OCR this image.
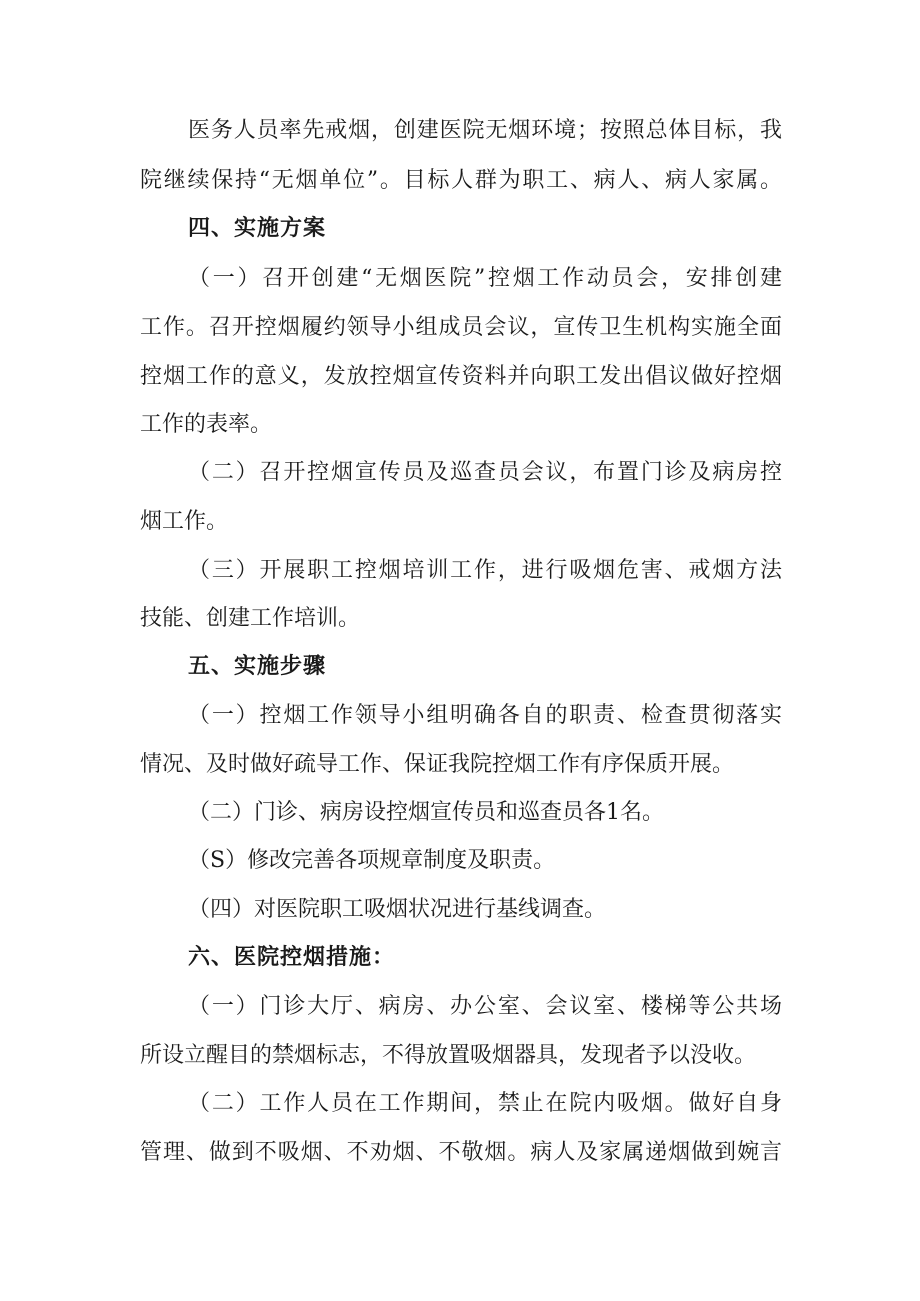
医务人员率先戒烟，创建医院无烟环境；按照总体目标，我
院继续保持“无烟单位”。目标人群为职工、病人、病人家属。
四、实施方案
（一）召开创建“无烟医院”控烟工作动员会，安排创建
工作。召开控烟履约领导小组成员会议，宣传卫生机构实施全面
控烟工作的意义，发放控烟宣传资料并向职工发出倡议做好控烟
工作的表率。
（二）召开控烟宣传员及巡查员会议，布置门诊及病房控
烟工作。
（三）开展职工控烟培训工作，进行吸烟危害、戒烟方法
技能、创建工作培训。
五、实施步骤
（一）控烟工作领导小组明确各自的职责、检查贯彻落实
情况、及时做好疏导工作、保证我院控烟工作有序保质开展。
（二）门诊、病房设控烟宣传员和巡查员各1名。
（S）修改完善各项规章制度及职责。
（四）对医院职工吸烟状况进行基线调查。
六、医院控烟措施：
（一）门诊大厅、病房、办公室、会议室、楼梯等公共场
所设立醒目的禁烟标志，不得放置吸烟器具，发现者予以没收。
（二）工作人员在工作期间，禁止在院内吸烟。做好自身
管理、做到不吸烟、不劝烟、不敬烟。病人及家属递烟做到婉言
